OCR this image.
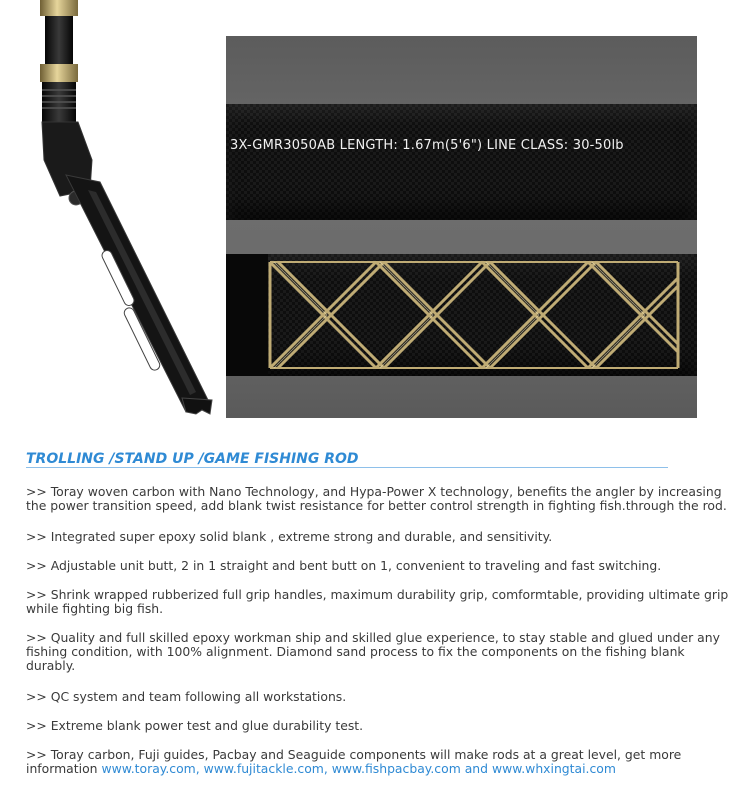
3X-GMR3050AB LENGTH: 1.67m(5'6") LINE CLASS: 30-50lb
TROLLING /STAND UP /GAME FISHING ROD
>> Toray woven carbon with Nano Technology, and Hypa-Power X technology, benefits the angler by increasing the power transition speed, add blank twist resistance for better control strength in fighting fish.through the rod.
>> Integrated super epoxy solid blank , extreme strong and durable, and sensitivity.
>> Adjustable unit butt, 2 in 1 straight and bent butt on 1, convenient to traveling and fast switching.
>> Shrink wrapped rubberized full grip handles, maximum durability grip, comformtable, providing ultimate grip while fighting big fish.
>> Quality and full skilled epoxy workman ship and skilled glue experience, to stay stable and glued under any fishing condition, with 100% alignment. Diamond sand process to fix the components on the fishing blank durably.
>> QC system and team following all workstations.
>> Extreme blank power test and glue durability test.
>> Toray carbon, Fuji guides, Pacbay and Seaguide components will make rods at a great level, get more information www.toray.com, www.fujitackle.com, www.fishpacbay.com and www.whxingtai.com
